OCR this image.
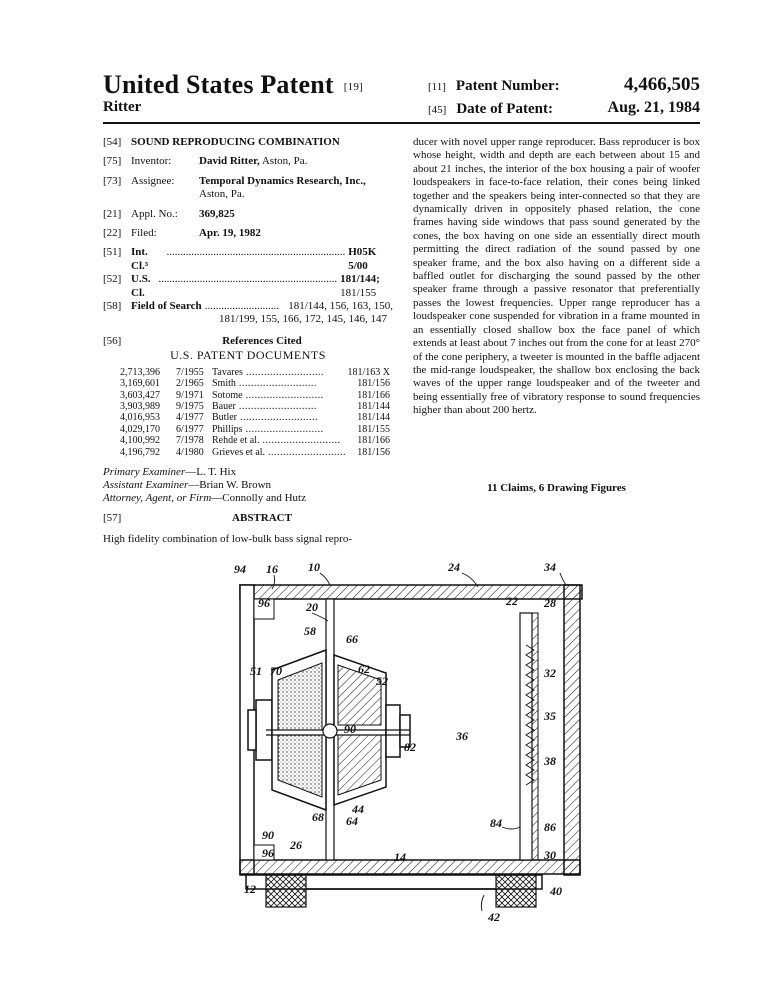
United States Patent [19]
Ritter
[11] Patent Number:	4,466,505
[45] Date of Patent:	Aug. 21, 1984
[54] SOUND REPRODUCING COMBINATION
[75] Inventor:	David Ritter, Aston, Pa.
[73] Assignee:	Temporal Dynamics Research, Inc.,
Aston, Pa.
[21] Appl. No.:	369,825
[22] Filed:	Apr. 19, 1982
[51] Int. Cl.³
................................................................. H05K 5/00
[52] U.S. Cl.
................................................................. 181/144; 181/155
[58] Field of Search ........................... 181/144, 156, 163, 150,
181/199, 155, 166, 172, 145, 146, 147
[56]	References Cited
U.S. PATENT DOCUMENTS
2,713,396	7/1955	Tavares ..........................	181/163 X
3,169,601	2/1965	Smith ..........................	181/156
3,603,427	9/1971	Sotome ..........................	181/166
3,903,989	9/1975	Bauer ..........................	181/144
4,016,953	4/1977	Butler ..........................	181/144
4,029,170	6/1977	Phillips ..........................	181/155
4,100,992	7/1978	Rehde et al. ..........................	181/166
4,196,792	4/1980	Grieves et al. ..........................	181/156
Primary Examiner—L. T. Hix
Assistant Examiner—Brian W. Brown
Attorney, Agent, or Firm—Connolly and Hutz
[57]	ABSTRACT
High fidelity combination of low-bulk bass signal repro-
ducer with novel upper range reproducer. Bass reproducer is box whose height, width and depth are each between about 15 and about 21 inches, the interior of the box housing a pair of woofer loudspeakers in face-to-face relation, their cones being linked together and the speakers being inter-connected so that they are dynamically driven in oppositely phased relation, the cone frames having side windows that pass sound generated by the cones, the box having on one side an essentially direct mouth permitting the direct radiation of the sound passed by one speaker frame, and the box also having on a different side a baffled outlet for discharging the sound passed by the other speaker frame through a passive resonator that preferentially passes the lowest frequencies. Upper range reproducer has a loudspeaker cone suspended for vibration in a frame mounted in an essentially closed shallow box the face panel of which extends at least about 7 inches out from the cone for at least 270° of the cone periphery, a tweeter is mounted in the baffle adjacent the mid-range loudspeaker, the shallow box enclosing the back waves of the upper range loudspeaker and of the tweeter and being essentially free of vibratory response to sound frequencies higher than about 200 hertz.
11 Claims, 6 Drawing Figures
94 16	10	24	34
96	20	22 28
58
66
62
52
32
51 70
36
35
90
82
38
44
64
68	84	86
90
96
26
30
14
12	40
42
